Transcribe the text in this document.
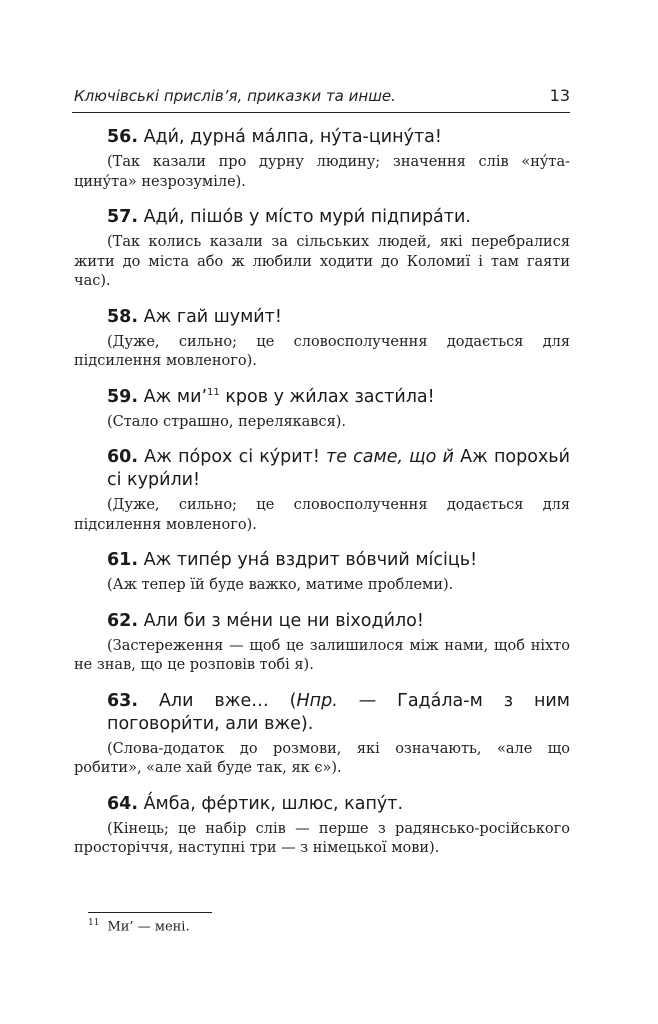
Ключівські прислів’я, приказки та инше.	13

56. Ади́, дурна́ ма́лпа, ну́та-цину́та!

(Так казали про дурну людину; значення слів «ну́та-цину́та» незрозуміле).

57. Ади́, пішо́в у мі́сто мури́ підпира́ти.

(Так колись казали за сільських людей, які перебралися жити до міста або ж любили ходити до Коломиї і там гаяти час).

58. Аж гай шуми́т!

(Дуже, сильно; це словосполучення додається для підсилення мовленого).

59. Аж ми’$^{11}$ кров у жи́лах засти́ла!

(Стало страшно, перелякався).

60. Аж по́рох сі ку́рит! те саме, що й Аж порохьи́ сі кури́ли!

(Дуже, сильно; це словосполучення додається для підсилення мовленого).

61. Аж типе́р уна́ вздрит во́вчий мі́сіць!

(Аж тепер їй буде важко, матиме проблеми).

62. Али би з ме́ни це ни віходи́ло!

(Застереження — щоб це залишилося між нами, щоб ніхто не знав, що це розповів тобі я).

63. Али вже… (Нпр. — Гада́ла-м з ним поговори́ти, али вже).

(Слова-додаток до розмови, які означають, «але що робити», «але хай буде так, як є»).

64. А́мба, фе́ртик, шлюс, капу́т.

(Кінець; це набір слів — перше з радянсько-російського просторіччя, наступні три — з німецької мови).

$^{11}$ Ми’ — мені.
